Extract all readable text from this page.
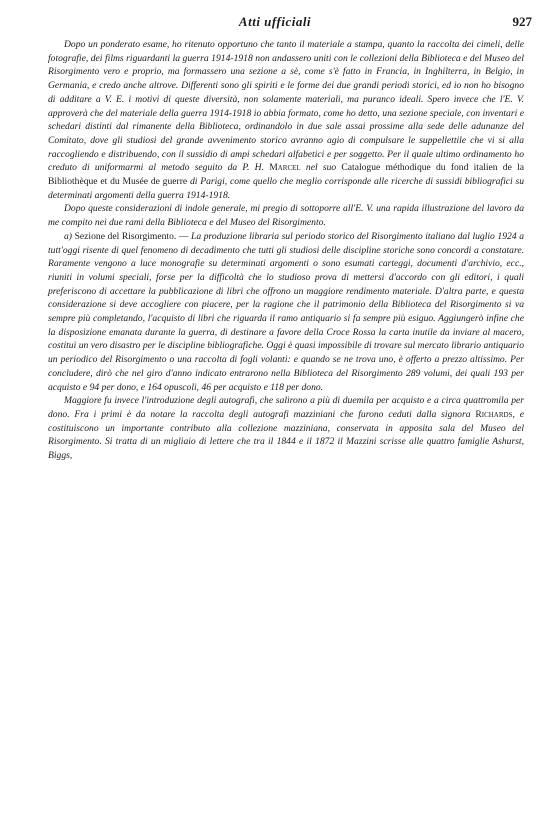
Atti ufficiali	927

Dopo un ponderato esame, ho ritenuto opportuno che tanto il materiale a stampa, quanto la raccolta dei cimeli, delle fotografie, dei films riguardanti la guerra 1914-1918 non andassero uniti con le collezioni della Biblioteca e del Museo del Risorgimento vero e proprio, ma formassero una sezione a sè, come s'è fatto in Francia, in Inghilterra, in Belgio, in Germania, e credo anche altrove. Differenti sono gli spiriti e le forme dei due grandi periodi storici, ed io non ho bisogno di additare a V. E. i motivi di queste diversità, non solamente materiali, ma puranco ideali. Spero invece che l'E. V. approverà che del materiale della guerra 1914-1918 io abbia formato, come ho detto, una sezione speciale, con inventari e schedari distinti dal rimanente della Biblioteca, ordinandolo in due sale assai prossime alla sede delle adunanze del Comitato, dove gli studiosi del grande avvenimento storico avranno agio di compulsare le suppellettile che vi si alla raccogliendo e distribuendo, con il sussidio di ampi schedari alfabetici e per soggetto. Per il quale ultimo ordinamento ho creduto di uniformarmi al metodo seguito da P. H. Marcel nel suo Catalogue méthodique du fond italien de la Bibliothèque et du Musée de guerre di Parigi, come quello che meglio corrisponde alle ricerche di sussidi bibliografici su determinati argomenti della guerra 1914-1918.

Dopo queste considerazioni di indole generale, mi pregio di sottoporre all'E. V. una rapida illustrazione del lavoro da me compito nei due rami della Biblioteca e del Museo del Risorgimento.

a) Sezione del Risorgimento. — La produzione libraria sul periodo storico del Risorgimento italiano dal luglio 1924 a tutt'oggi risente di quel fenomeno di decadimento che tutti gli studiosi delle discipline storiche sono concordi a constatare. Raramente vengono a luce monografie su determinati argomenti o sono esumati carteggi, documenti d'archivio, ecc., riuniti in volumi speciali, forse per la difficoltà che lo studioso prova di mettersi d'accordo con gli editori, i quali preferiscono di accettare la pubblicazione di libri che offrono un maggiore rendimento materiale. D'altra parte, e questa considerazione si deve accogliere con piacere, per la ragione che il patrimonio della Biblioteca del Risorgimento si va sempre più completando, l'acquisto di libri che riguarda il ramo antiquario si fa sempre più esiguo. Aggiungerò infine che la disposizione emanata durante la guerra, di destinare a favore della Croce Rossa la carta inutile da inviare al macero, costituì un vero disastro per le discipline bibliografiche. Oggi è quasi impossibile di trovare sul mercato librario antiquario un periodico del Risorgimento o una raccolta di fogli volanti: e quando se ne trova uno, è offerto a prezzo altissimo. Per concludere, dirò che nel giro d'anno indicato entrarono nella Biblioteca del Risorgimento 289 volumi, dei quali 193 per acquisto e 94 per dono, e 164 opuscoli, 46 per acquisto e 118 per dono.

Maggiore fu invece l'introduzione degli autografi, che salirono a più di duemila per acquisto e a circa quattromila per dono. Fra i primi è da notare la raccolta degli autografi mazziniani che furono ceduti dalla signora Richards, e costituiscono un importante contributo alla collezione mazziniana, conservata in apposita sala del Museo del Risorgimento. Si tratta di un migliaio di lettere che tra il 1844 e il 1872 il Mazzini scrisse alle quattro famiglie Ashurst, Biggs,
